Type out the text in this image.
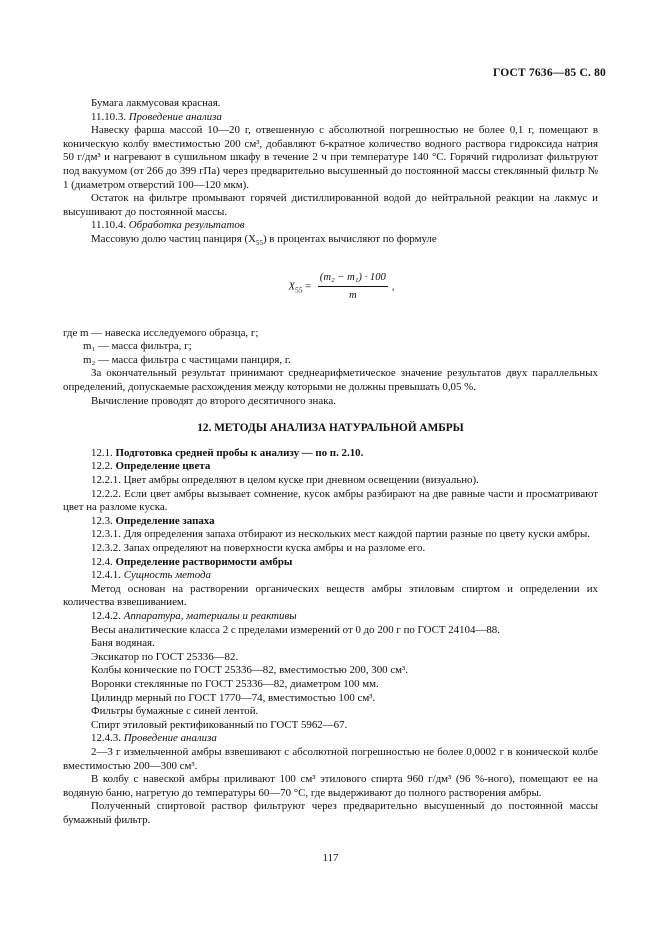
ГОСТ 7636—85 С. 80

Бумага лакмусовая красная.

11.10.3. Проведение анализа

Навеску фарша массой 10—20 г, отвешенную с абсолютной погрешностью не более 0,1 г, помещают в коническую колбу вместимостью 200 см³, добавляют 6-кратное количество водного раствора гидроксида натрия 50 г/дм³ и нагревают в сушильном шкафу в течение 2 ч при температуре 140 °С. Горячий гидролизат фильтруют под вакуумом (от 266 до 399 гПа) через предварительно высушенный до постоянной массы стеклянный фильтр № 1 (диаметром отверстий 100—120 мкм).

Остаток на фильтре промывают горячей дистиллированной водой до нейтральной реакции на лакмус и высушивают до постоянной массы.

11.10.4. Обработка результатов

Массовую долю частиц панциря $(X_{55})$ в процентах вычисляют по формуле

$X_{55} = \frac{\text{(m₂ − m₁) · 100}}{m}$ ,

где m — навеска исследуемого образца, г;

m₁ — масса фильтра, г;

m₂ — масса фильтра с частицами панциря, г.

За окончательный результат принимают среднеарифметическое значение результатов двух параллельных определений, допускаемые расхождения между которыми не должны превышать 0,05 %.

Вычисление проводят до второго десятичного знака.

12. МЕТОДЫ АНАЛИЗА НАТУРАЛЬНОЙ АМБРЫ

12.1. Подготовка средней пробы к анализу — по п. 2.10.

12.2. Определение цвета

12.2.1. Цвет амбры определяют в целом куске при дневном освещении (визуально).

12.2.2. Если цвет амбры вызывает сомнение, кусок амбры разбирают на две равные части и просматривают цвет на разломе куска.

12.3. Определение запаха

12.3.1. Для определения запаха отбирают из нескольких мест каждой партии разные по цвету куски амбры.

12.3.2. Запах определяют на поверхности куска амбры и на разломе его.

12.4. Определение растворимости амбры

12.4.1. Сущность метода

Метод основан на растворении органических веществ амбры этиловым спиртом и определении их количества взвешиванием.

12.4.2. Аппаратура, материалы и реактивы

Весы аналитические класса 2 с пределами измерений от 0 до 200 г по ГОСТ 24104—88.

Баня водяная.

Эксикатор по ГОСТ 25336—82.

Колбы конические по ГОСТ 25336—82, вместимостью 200, 300 см³.

Воронки стеклянные по ГОСТ 25336—82, диаметром 100 мм.

Цилиндр мерный по ГОСТ 1770—74, вместимостью 100 см³.

Фильтры бумажные с синей лентой.

Спирт этиловый ректификованный по ГОСТ 5962—67.

12.4.3. Проведение анализа

2—3 г измельченной амбры взвешивают с абсолютной погрешностью не более 0,0002 г в конической колбе вместимостью 200—300 см³.

В колбу с навеской амбры приливают 100 см³ этилового спирта 960 г/дм³ (96 %-ного), помещают ее на водяную баню, нагретую до температуры 60—70 °С, где выдерживают до полного растворения амбры.

Полученный спиртовой раствор фильтруют через предварительно высушенный до постоянной массы бумажный фильтр.

117
